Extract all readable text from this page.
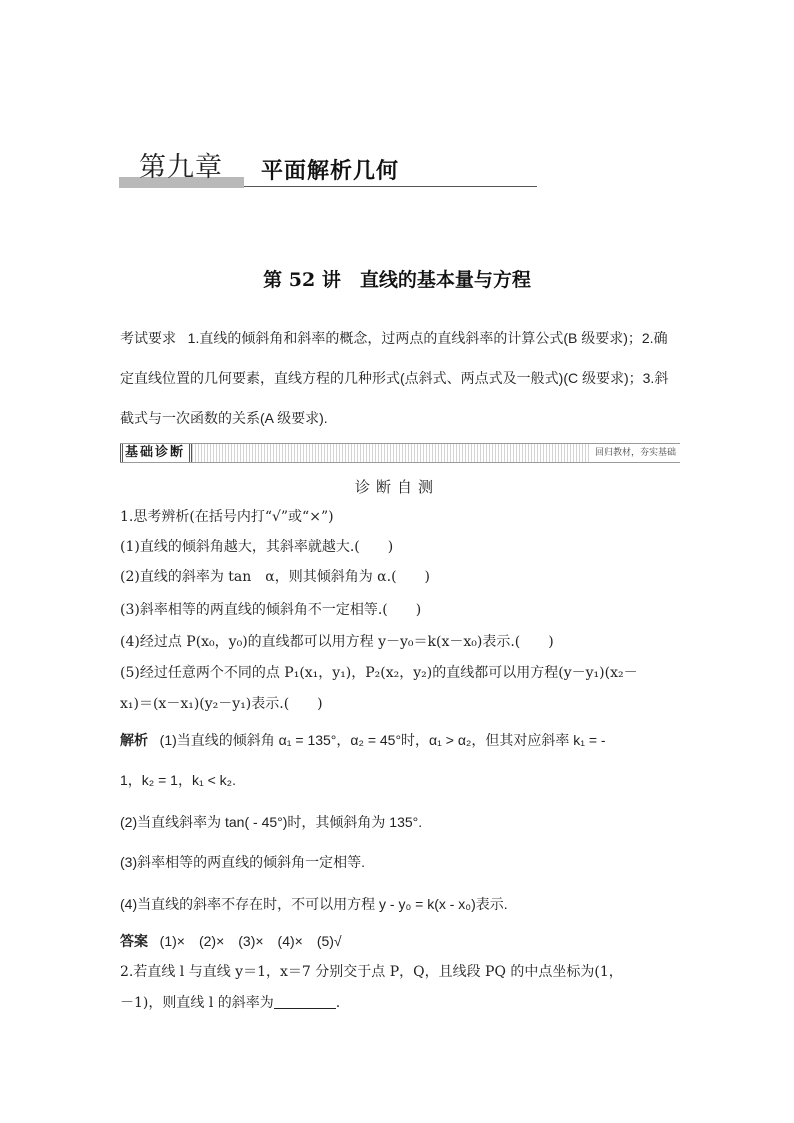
第九章 平面解析几何
第 52 讲　直线的基本量与方程
考试要求 1.直线的倾斜角和斜率的概念，过两点的直线斜率的计算公式(B 级要求)；2.确定直线位置的几何要素，直线方程的几种形式(点斜式、两点式及一般式)(C 级要求)；3.斜截式与一次函数的关系(A 级要求).
基础诊断	回归教材，夯实基础
诊断自测
1.思考辨析(在括号内打“√”或“×”)
(1)直线的倾斜角越大，其斜率就越大.(　　)
(2)直线的斜率为 tan　α，则其倾斜角为 α.(　　)
(3)斜率相等的两直线的倾斜角不一定相等.(　　)
(4)经过点 P(x₀，y₀)的直线都可以用方程 y－y₀＝k(x－x₀)表示.(　　)
(5)经过任意两个不同的点 P₁(x₁，y₁)，P₂(x₂，y₂)的直线都可以用方程(y－y₁)(x₂－
x₁)＝(x－x₁)(y₂－y₁)表示.(　　)
解析 (1)当直线的倾斜角 α₁ = 135°，α₂ = 45°时，α₁ > α₂，但其对应斜率 k₁ = -
1，k₂ = 1，k₁ < k₂.
(2)当直线斜率为 tan( - 45°)时，其倾斜角为 135°.
(3)斜率相等的两直线的倾斜角一定相等.
(4)当直线的斜率不存在时，不可以用方程 y - y₀ = k(x - x₀)表示.
答案 (1)×　(2)×　(3)×　(4)×　(5)√
2.若直线 l 与直线 y＝1，x＝7 分别交于点 P，Q，且线段 PQ 的中点坐标为(1，
－1)，则直线 l 的斜率为	.
